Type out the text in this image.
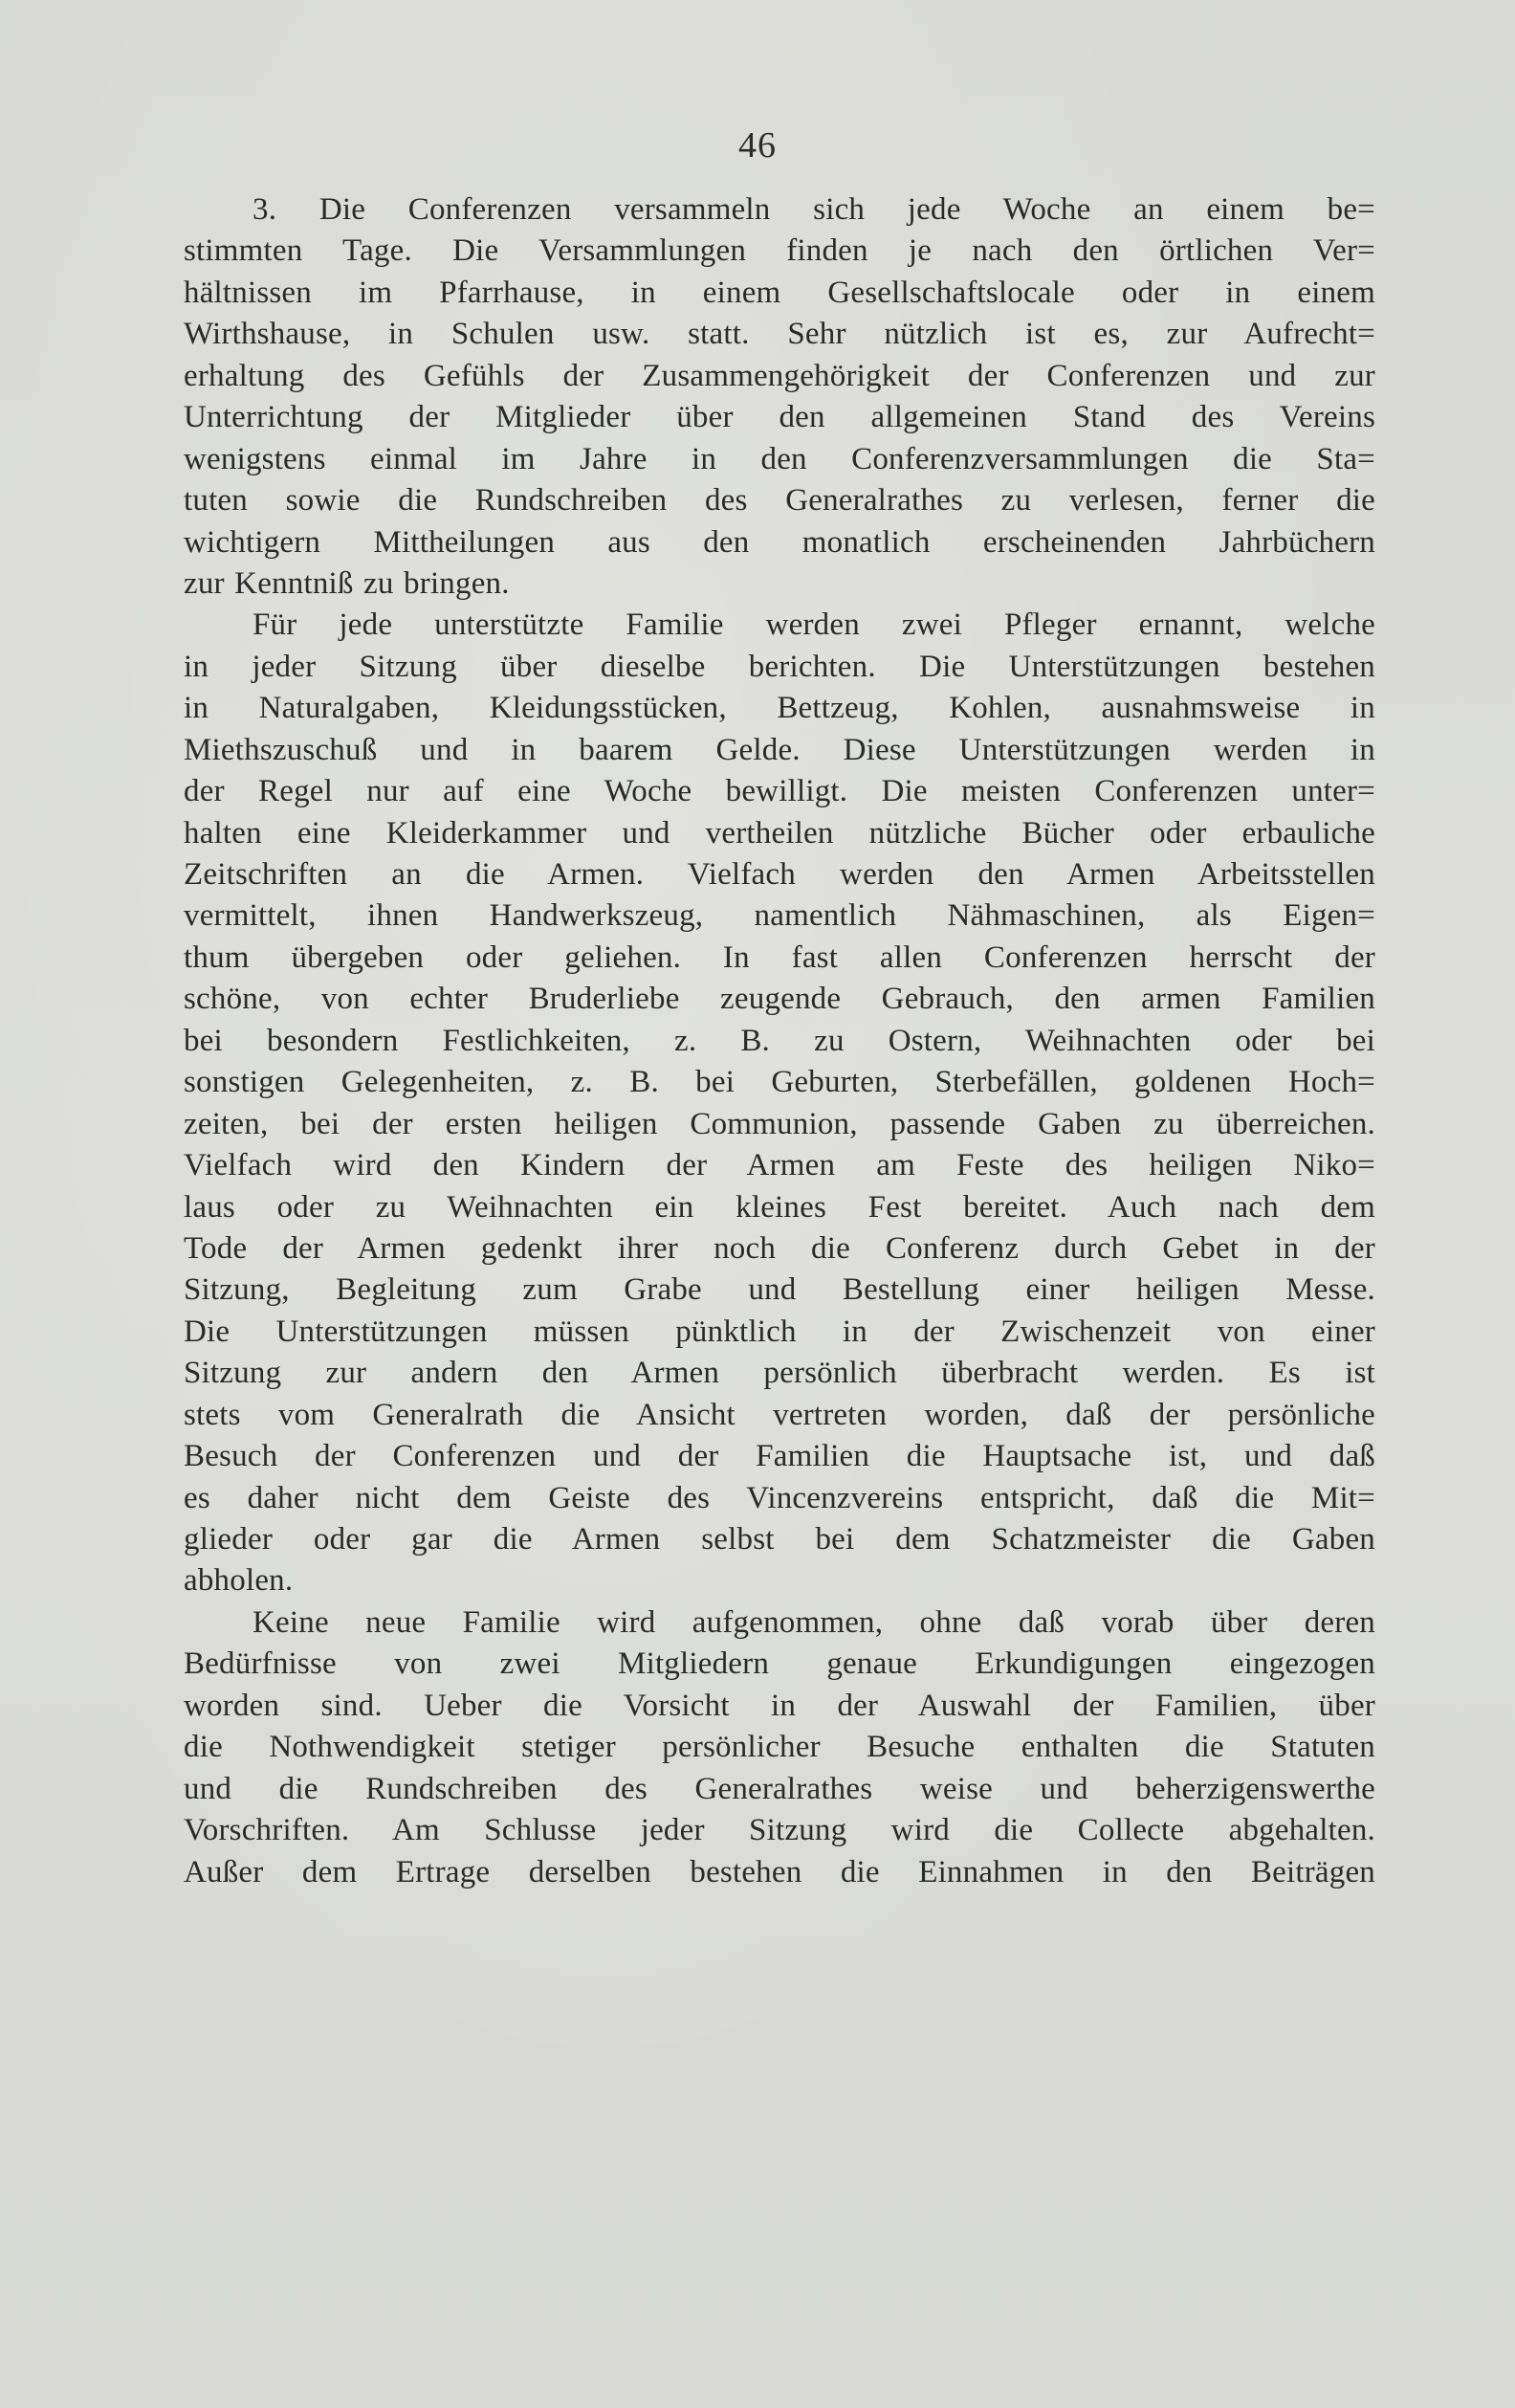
46
3. Die Conferenzen versammeln sich jede Woche an einem be=
stimmten Tage. Die Versammlungen finden je nach den örtlichen Ver=
hältnissen im Pfarrhause, in einem Gesellschaftslocale oder in einem
Wirthshause, in Schulen usw. statt. Sehr nützlich ist es, zur Aufrecht=
erhaltung des Gefühls der Zusammengehörigkeit der Conferenzen und zur
Unterrichtung der Mitglieder über den allgemeinen Stand des Vereins
wenigstens einmal im Jahre in den Conferenzversammlungen die Sta=
tuten sowie die Rundschreiben des Generalrathes zu verlesen, ferner die
wichtigern Mittheilungen aus den monatlich erscheinenden Jahrbüchern
zur Kenntniß zu bringen.
Für jede unterstützte Familie werden zwei Pfleger ernannt, welche
in jeder Sitzung über dieselbe berichten. Die Unterstützungen bestehen
in Naturalgaben, Kleidungsstücken, Bettzeug, Kohlen, ausnahmsweise in
Miethszuschuß und in baarem Gelde. Diese Unterstützungen werden in
der Regel nur auf eine Woche bewilligt. Die meisten Conferenzen unter=
halten eine Kleiderkammer und vertheilen nützliche Bücher oder erbauliche
Zeitschriften an die Armen. Vielfach werden den Armen Arbeitsstellen
vermittelt, ihnen Handwerkszeug, namentlich Nähmaschinen, als Eigen=
thum übergeben oder geliehen. In fast allen Conferenzen herrscht der
schöne, von echter Bruderliebe zeugende Gebrauch, den armen Familien
bei besondern Festlichkeiten, z. B. zu Ostern, Weihnachten oder bei
sonstigen Gelegenheiten, z. B. bei Geburten, Sterbefällen, goldenen Hoch=
zeiten, bei der ersten heiligen Communion, passende Gaben zu überreichen.
Vielfach wird den Kindern der Armen am Feste des heiligen Niko=
laus oder zu Weihnachten ein kleines Fest bereitet. Auch nach dem
Tode der Armen gedenkt ihrer noch die Conferenz durch Gebet in der
Sitzung, Begleitung zum Grabe und Bestellung einer heiligen Messe.
Die Unterstützungen müssen pünktlich in der Zwischenzeit von einer
Sitzung zur andern den Armen persönlich überbracht werden. Es ist
stets vom Generalrath die Ansicht vertreten worden, daß der persönliche
Besuch der Conferenzen und der Familien die Hauptsache ist, und daß
es daher nicht dem Geiste des Vincenzvereins entspricht, daß die Mit=
glieder oder gar die Armen selbst bei dem Schatzmeister die Gaben
abholen.
Keine neue Familie wird aufgenommen, ohne daß vorab über deren
Bedürfnisse von zwei Mitgliedern genaue Erkundigungen eingezogen
worden sind. Ueber die Vorsicht in der Auswahl der Familien, über
die Nothwendigkeit stetiger persönlicher Besuche enthalten die Statuten
und die Rundschreiben des Generalrathes weise und beherzigenswerthe
Vorschriften. Am Schlusse jeder Sitzung wird die Collecte abgehalten.
Außer dem Ertrage derselben bestehen die Einnahmen in den Beiträgen
